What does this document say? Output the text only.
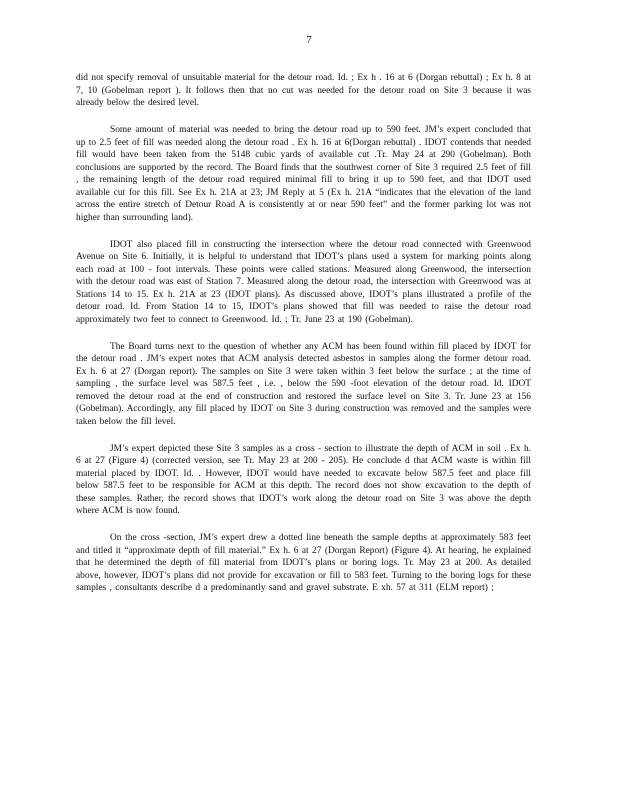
7

did not specify removal of unsuitable material for the detour road. Id. ; Ex h . 16 at 6 (Dorgan rebuttal) ; Ex h. 8 at 7, 10 (Gobelman report ). It follows then that no cut was needed for the detour road on Site 3 because it was already below the desired level.

Some amount of material was needed to bring the detour road up to 590 feet. JM’s expert concluded that up to 2.5 feet of fill was needed along the detour road . Ex h. 16 at 6(Dorgan rebuttal) . IDOT contends that needed fill would have been taken from the 5148 cubic yards of available cut .Tr. May 24 at 290 (Gobelman). Both conclusions are supported by the record. The Board finds that the southwest corner of Site 3 required 2.5 feet of fill , the remaining length of the detour road required minimal fill to bring it up to 590 feet, and that IDOT used available cut for this fill. See Ex h. 21A at 23; JM Reply at 5 (Ex h. 21A “indicates that the elevation of the land across the entire stretch of Detour Road A is consistently at or near 590 feet” and the former parking lot was not higher than surrounding land).

IDOT also placed fill in constructing the intersection where the detour road connected with Greenwood Avenue on Site 6. Initially, it is helpful to understand that IDOT’s plans used a system for marking points along each road at 100 - foot intervals. These points were called stations. Measured along Greenwood, the intersection with the detour road was east of Station 7. Measured along the detour road, the intersection with Greenwood was at Stations 14 to 15. Ex h. 21A at 23 (IDOT plans). As discussed above, IDOT’s plans illustrated a profile of the detour road. Id. From Station 14 to 15, IDOT’s plans showed that fill was needed to raise the detour road approximately two feet to connect to Greenwood. Id. ; Tr. June 23 at 190 (Gobelman).

The Board turns next to the question of whether any ACM has been found within fill placed by IDOT for the detour road . JM’s expert notes that ACM analysis detected asbestos in samples along the former detour road. Ex h. 6 at 27 (Dorgan report). The samples on Site 3 were taken within 3 feet below the surface ; at the time of sampling , the surface level was 587.5 feet , i.e. , below the 590 -foot elevation of the detour road. Id. IDOT removed the detour road at the end of construction and restored the surface level on Site 3. Tr. June 23 at 156 (Gobelman). Accordingly, any fill placed by IDOT on Site 3 during construction was removed and the samples were taken below the fill level.

JM’s expert depicted these Site 3 samples as a cross - section to illustrate the depth of ACM in soil . Ex h. 6 at 27 (Figure 4) (corrected version, see Tr. May 23 at 200 - 205). He conclude d that ACM waste is within fill material placed by IDOT. Id. . However, IDOT would have needed to excavate below 587.5 feet and place fill below 587.5 feet to be responsible for ACM at this depth. The record does not show excavation to the depth of these samples. Rather, the record shows that IDOT’s work along the detour road on Site 3 was above the depth where ACM is now found.

On the cross -section, JM’s expert drew a dotted line beneath the sample depths at approximately 583 feet and titled it “approximate depth of fill material.” Ex h. 6 at 27 (Dorgan Report) (Figure 4). At hearing, he explained that he determined the depth of fill material from IDOT’s plans or boring logs. Tr. May 23 at 200. As detailed above, however, IDOT’s plans did not provide for excavation or fill to 583 feet. Turning to the boring logs for these samples , consultants describe d a predominantly sand and gravel substrate. E xh. 57 at 311 (ELM report) ;
